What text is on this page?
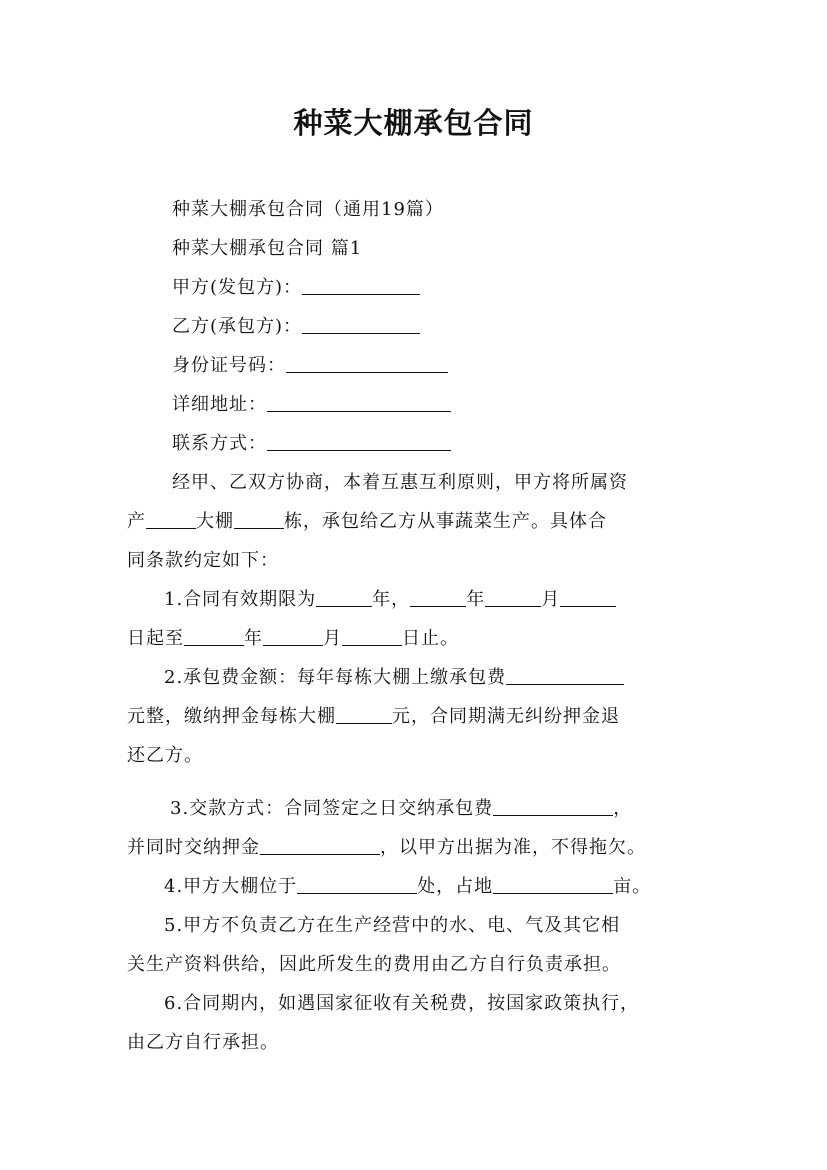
种菜大棚承包合同

种菜大棚承包合同（通用19篇）

种菜大棚承包合同 篇1

甲方(发包方)：

乙方(承包方)：

身份证号码：

详细地址：

联系方式：

经甲、乙双方协商，本着互惠互利原则，甲方将所属资

产	大棚	栋，承包给乙方从事蔬菜生产。具体合

同条款约定如下：

1.合同有效期限为	年，	年	月

日起至	年	月	日止。

2.承包费金额：每年每栋大棚上缴承包费

元整，缴纳押金每栋大棚	元，合同期满无纠纷押金退

还乙方。

3.交款方式：合同签定之日交纳承包费	，

并同时交纳押金	，以甲方出据为准，不得拖欠。

4.甲方大棚位于	处，占地	亩。

5.甲方不负责乙方在生产经营中的水、电、气及其它相

关生产资料供给，因此所发生的费用由乙方自行负责承担。

6.合同期内，如遇国家征收有关税费，按国家政策执行，

由乙方自行承担。
